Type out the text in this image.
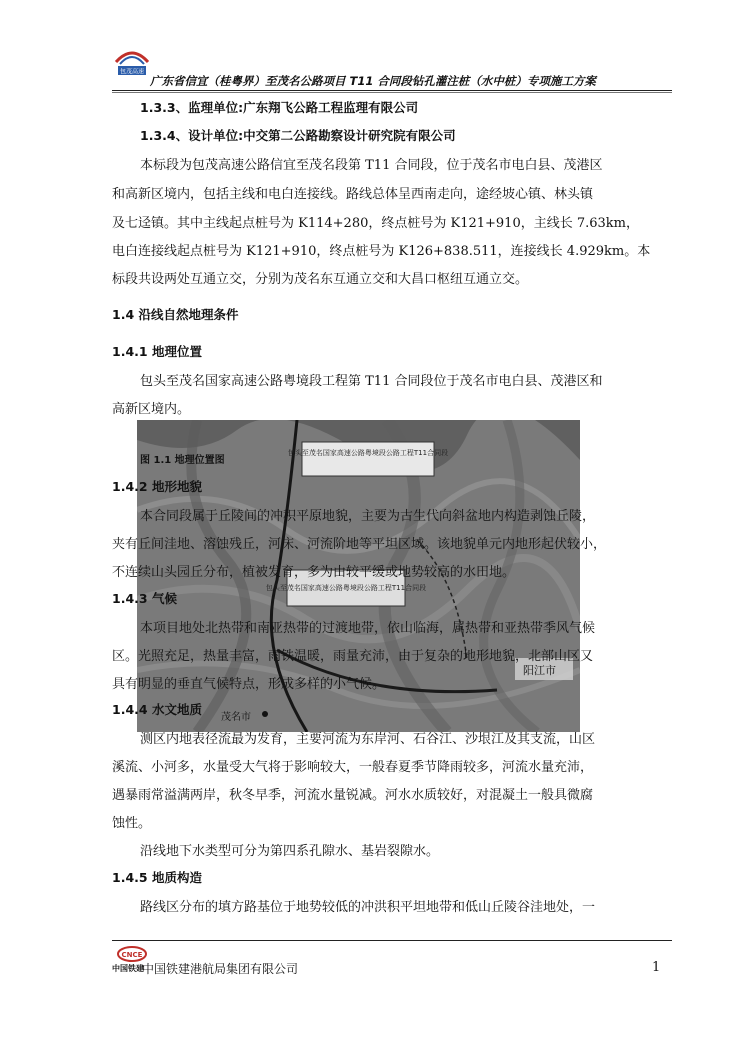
包茂高速
广东省信宜（桂粤界）至茂名公路项目 T11 合同段钻孔灌注桩（水中桩）专项施工方案
1.3.3、监理单位:广东翔飞公路工程监理有限公司
1.3.4、设计单位:中交第二公路勘察设计研究院有限公司
本标段为包茂高速公路信宜至茂名段第 T11 合同段，位于茂名市电白县、茂港区
和高新区境内，包括主线和电白连接线。路线总体呈西南走向，途经坡心镇、林头镇
及七迳镇。其中主线起点桩号为 K114+280，终点桩号为 K121+910，主线长 7.63km，
电白连接线起点桩号为 K121+910，终点桩号为 K126+838.511，连接线长 4.929km。本
标段共设两处互通立交，分别为茂名东互通立交和大昌口枢纽互通立交。
1.4 沿线自然地理条件
1.4.1 地理位置
包头至茂名国家高速公路粤境段工程第 T11 合同段位于茂名市电白县、茂港区和
高新区境内。
包头至茂名国家高速公路粤境段公路工程T11合同段
包头至茂名国家高速公路粤境段公路工程T11合同段
茂名市
阳江市
图 1.1 地理位置图
1.4.2 地形地貌
本合同段属于丘陵间的冲积平原地貌，主要为古生代向斜盆地内构造剥蚀丘陵，
夹有丘间洼地、溶蚀残丘，河床、河流阶地等平坦区域。该地貌单元内地形起伏较小，
不连续山头园丘分布，植被发育，多为由较平缓或地势较高的水田地。
1.4.3 气候
本项目地处北热带和南亚热带的过渡地带，依山临海，属热带和亚热带季风气候
区。光照充足，热量丰富，雨铁温暖，雨量充沛，由于复杂的地形地貌，北部山区又
具有明显的垂直气候特点，形成多样的小气候。
1.4.4 水文地质
测区内地表径流最为发育，主要河流为东岸河、石谷江、沙垠江及其支流，山区
溪流、小河多，水量受大气将于影响较大，一般春夏季节降雨较多，河流水量充沛，
遇暴雨常溢满两岸，秋冬早季，河流水量锐减。河水水质较好，对混凝土一般具微腐
蚀性。
沿线地下水类型可分为第四系孔隙水、基岩裂隙水。
1.4.5 地质构造
路线区分布的填方路基位于地势较低的冲洪积平坦地带和低山丘陵谷洼地处，一
CNCE
中国铁建
中国铁建港航局集团有限公司	1
